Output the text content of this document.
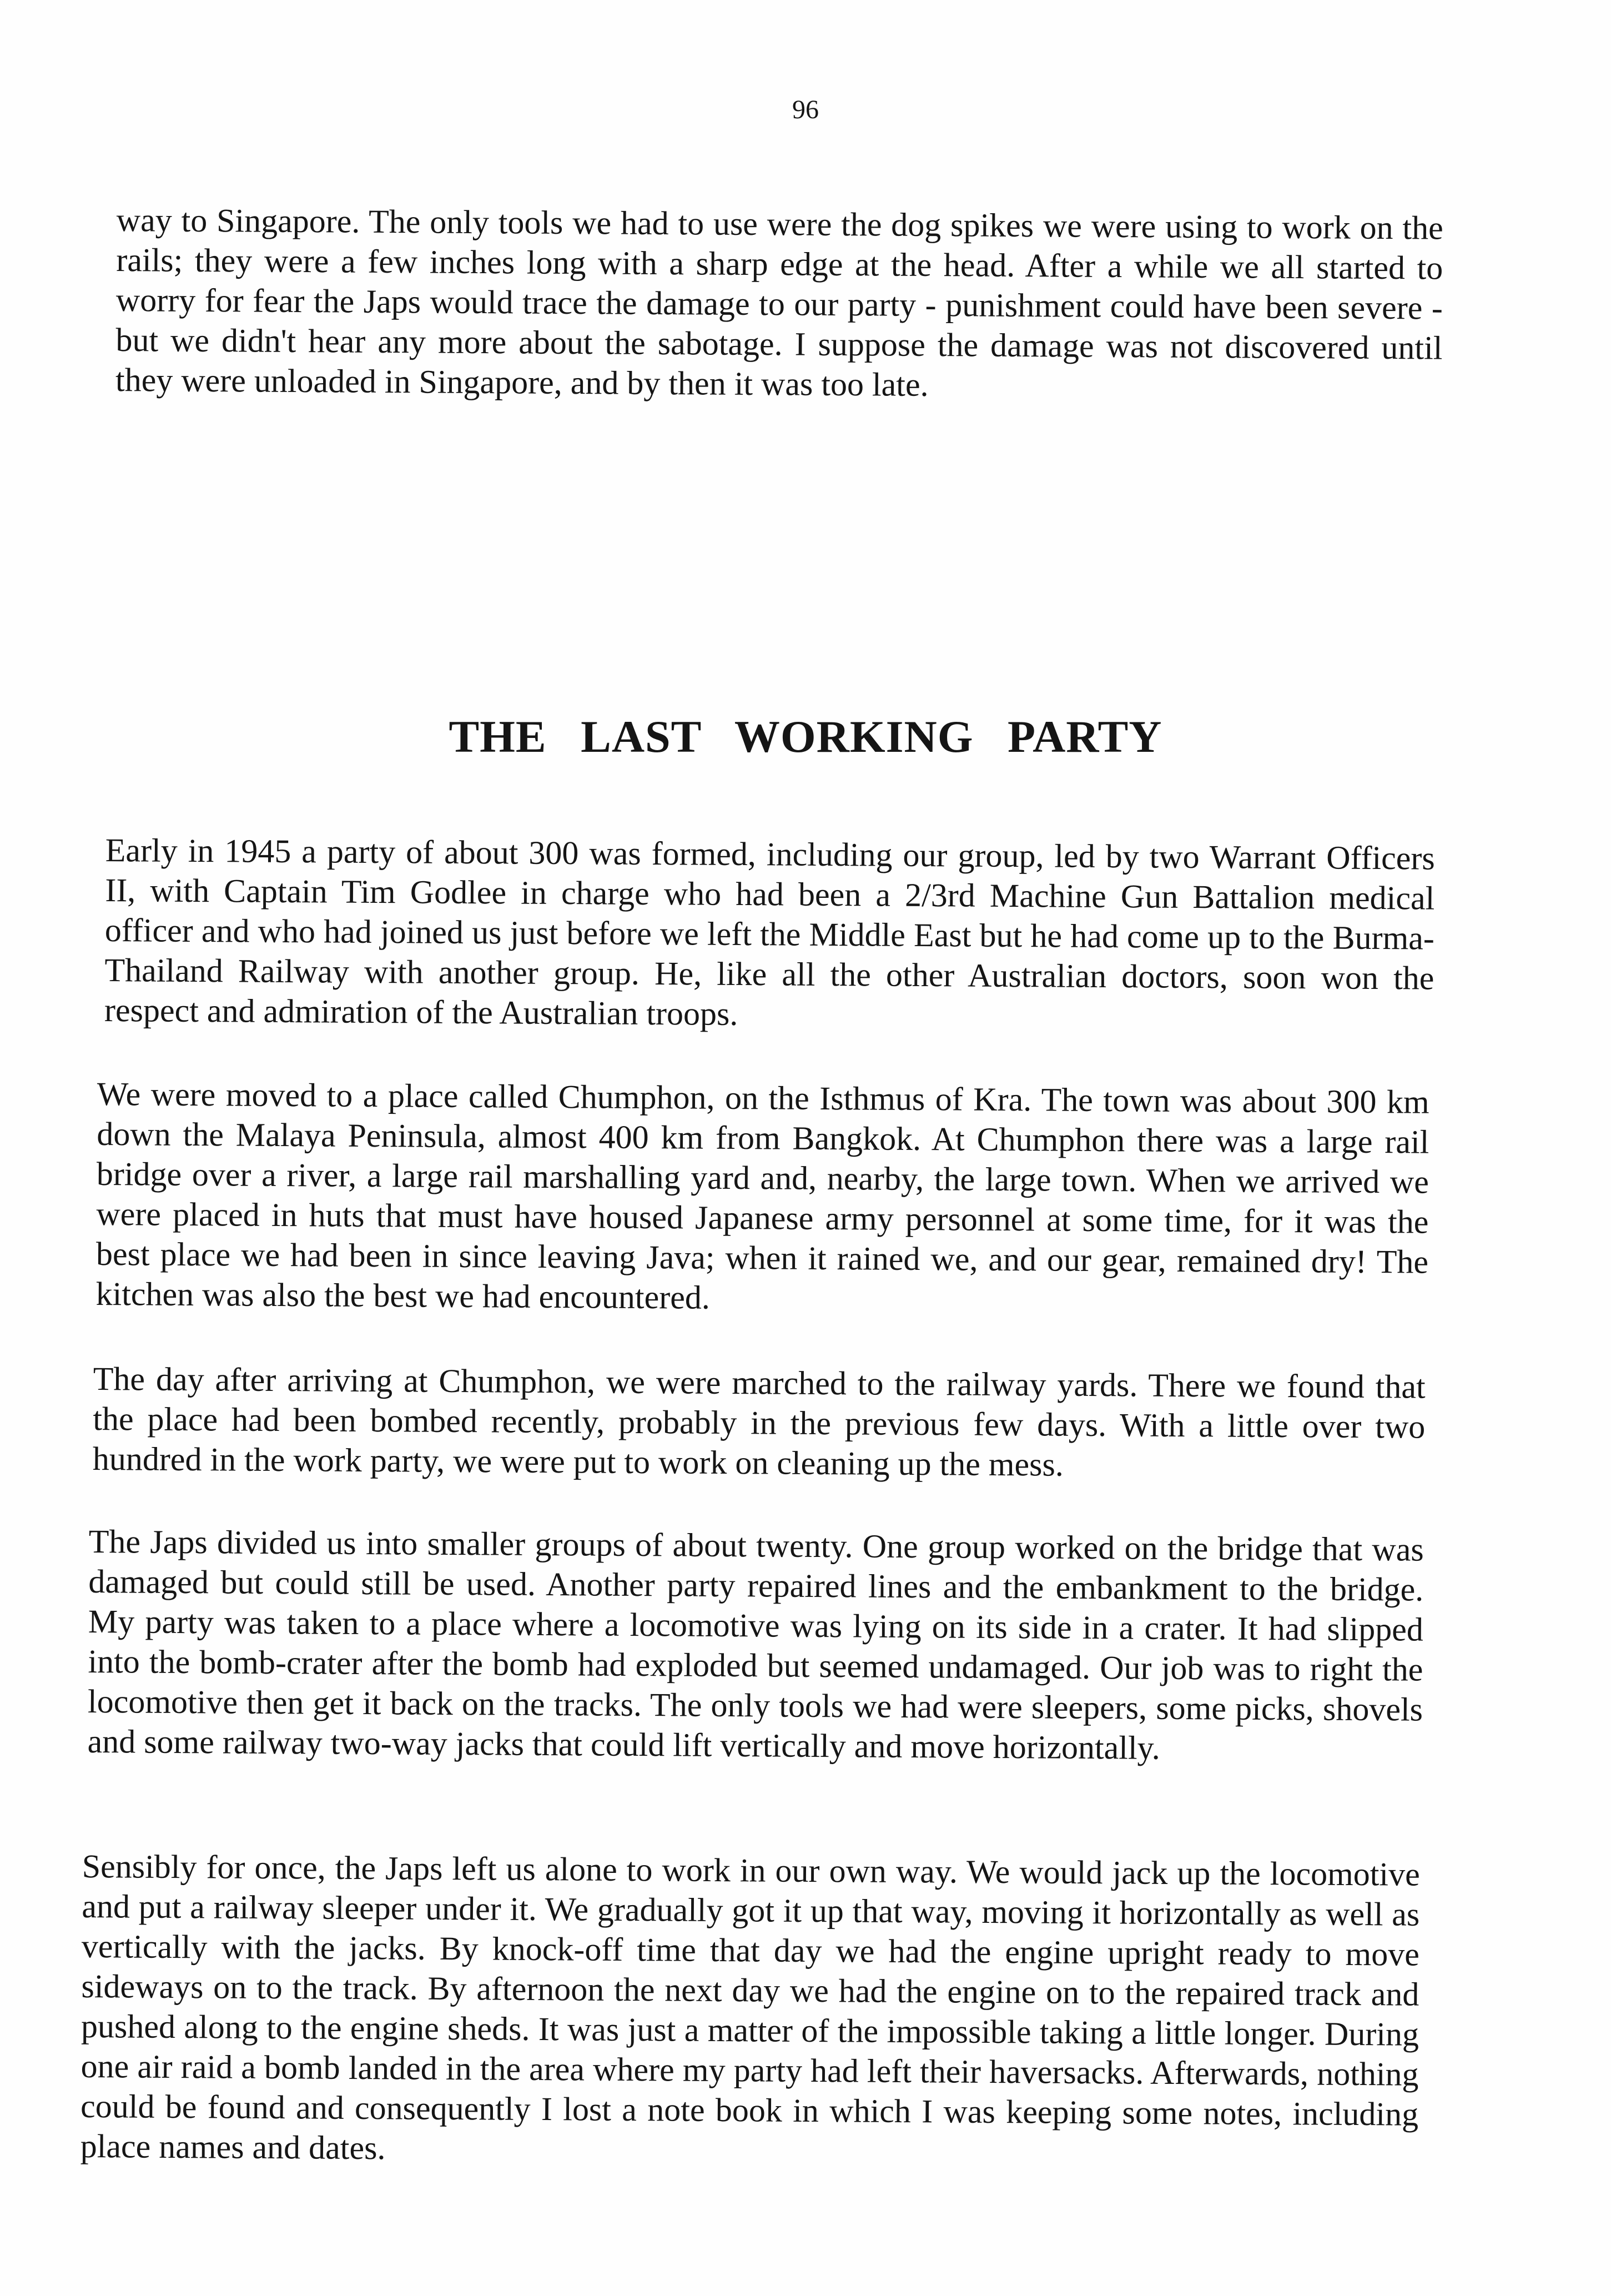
96

way to Singapore. The only tools we had to use were the dog spikes we were using to work on the rails; they were a few inches long with a sharp edge at the head. After a while we all started to worry for fear the Japs would trace the damage to our party - punishment could have been severe - but we didn't hear any more about the sabotage. I suppose the damage was not discovered until they were unloaded in Singapore, and by then it was too late.

THE LAST WORKING PARTY

Early in 1945 a party of about 300 was formed, including our group, led by two Warrant Officers II, with Captain Tim Godlee in charge who had been a 2/3rd Machine Gun Battalion medical officer and who had joined us just before we left the Middle East but he had come up to the Burma-Thailand Railway with another group. He, like all the other Australian doctors, soon won the respect and admiration of the Australian troops.

We were moved to a place called Chumphon, on the Isthmus of Kra. The town was about 300 km down the Malaya Peninsula, almost 400 km from Bangkok. At Chumphon there was a large rail bridge over a river, a large rail marshalling yard and, nearby, the large town. When we arrived we were placed in huts that must have housed Japanese army personnel at some time, for it was the best place we had been in since leaving Java; when it rained we, and our gear, remained dry! The kitchen was also the best we had encountered.

The day after arriving at Chumphon, we were marched to the railway yards. There we found that the place had been bombed recently, probably in the previous few days. With a little over two hundred in the work party, we were put to work on cleaning up the mess.

The Japs divided us into smaller groups of about twenty. One group worked on the bridge that was damaged but could still be used. Another party repaired lines and the embankment to the bridge. My party was taken to a place where a locomotive was lying on its side in a crater. It had slipped into the bomb-crater after the bomb had exploded but seemed undamaged. Our job was to right the locomotive then get it back on the tracks. The only tools we had were sleepers, some picks, shovels and some railway two-way jacks that could lift vertically and move horizontally.

Sensibly for once, the Japs left us alone to work in our own way. We would jack up the locomotive and put a railway sleeper under it. We gradually got it up that way, moving it horizontally as well as vertically with the jacks. By knock-off time that day we had the engine upright ready to move sideways on to the track. By afternoon the next day we had the engine on to the repaired track and pushed along to the engine sheds. It was just a matter of the impossible taking a little longer. During one air raid a bomb landed in the area where my party had left their haversacks. Afterwards, nothing could be found and consequently I lost a note book in which I was keeping some notes, including place names and dates.
